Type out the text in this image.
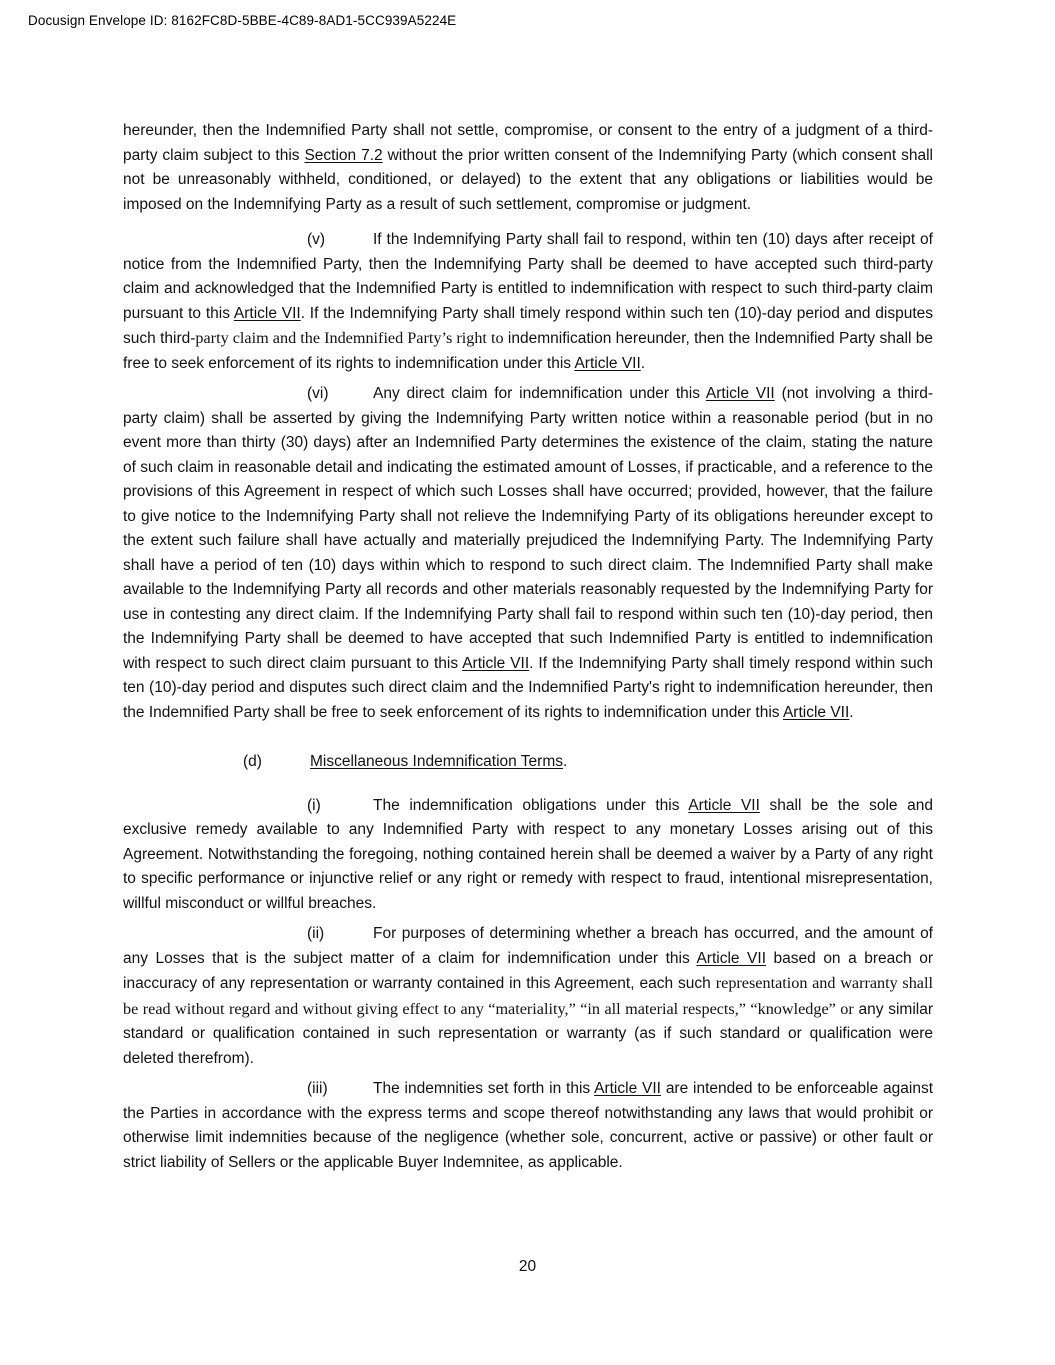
Docusign Envelope ID: 8162FC8D-5BBE-4C89-8AD1-5CC939A5224E

hereunder, then the Indemnified Party shall not settle, compromise, or consent to the entry of a judgment of a third-party claim subject to this Section 7.2 without the prior written consent of the Indemnifying Party (which consent shall not be unreasonably withheld, conditioned, or delayed) to the extent that any obligations or liabilities would be imposed on the Indemnifying Party as a result of such settlement, compromise or judgment.

(v)	If the Indemnifying Party shall fail to respond, within ten (10) days after receipt of notice from the Indemnified Party, then the Indemnifying Party shall be deemed to have accepted such third-party claim and acknowledged that the Indemnified Party is entitled to indemnification with respect to such third-party claim pursuant to this Article VII. If the Indemnifying Party shall timely respond within such ten (10)-day period and disputes such third-party claim and the Indemnified Party’s right to indemnification hereunder, then the Indemnified Party shall be free to seek enforcement of its rights to indemnification under this Article VII.

(vi)	Any direct claim for indemnification under this Article VII (not involving a third-party claim) shall be asserted by giving the Indemnifying Party written notice within a reasonable period (but in no event more than thirty (30) days) after an Indemnified Party determines the existence of the claim, stating the nature of such claim in reasonable detail and indicating the estimated amount of Losses, if practicable, and a reference to the provisions of this Agreement in respect of which such Losses shall have occurred; provided, however, that the failure to give notice to the Indemnifying Party shall not relieve the Indemnifying Party of its obligations hereunder except to the extent such failure shall have actually and materially prejudiced the Indemnifying Party. The Indemnifying Party shall have a period of ten (10) days within which to respond to such direct claim. The Indemnified Party shall make available to the Indemnifying Party all records and other materials reasonably requested by the Indemnifying Party for use in contesting any direct claim. If the Indemnifying Party shall fail to respond within such ten (10)-day period, then the Indemnifying Party shall be deemed to have accepted that such Indemnified Party is entitled to indemnification with respect to such direct claim pursuant to this Article VII. If the Indemnifying Party shall timely respond within such ten (10)-day period and disputes such direct claim and the Indemnified Party's right to indemnification hereunder, then the Indemnified Party shall be free to seek enforcement of its rights to indemnification under this Article VII.

(d)	Miscellaneous Indemnification Terms.

(i)	The indemnification obligations under this Article VII shall be the sole and exclusive remedy available to any Indemnified Party with respect to any monetary Losses arising out of this Agreement. Notwithstanding the foregoing, nothing contained herein shall be deemed a waiver by a Party of any right to specific performance or injunctive relief or any right or remedy with respect to fraud, intentional misrepresentation, willful misconduct or willful breaches.

(ii)	For purposes of determining whether a breach has occurred, and the amount of any Losses that is the subject matter of a claim for indemnification under this Article VII based on a breach or inaccuracy of any representation or warranty contained in this Agreement, each such representation and warranty shall be read without regard and without giving effect to any “materiality,” “in all material respects,” “knowledge” or any similar standard or qualification contained in such representation or warranty (as if such standard or qualification were deleted therefrom).

(iii)	The indemnities set forth in this Article VII are intended to be enforceable against the Parties in accordance with the express terms and scope thereof notwithstanding any laws that would prohibit or otherwise limit indemnities because of the negligence (whether sole, concurrent, active or passive) or other fault or strict liability of Sellers or the applicable Buyer Indemnitee, as applicable.

20
